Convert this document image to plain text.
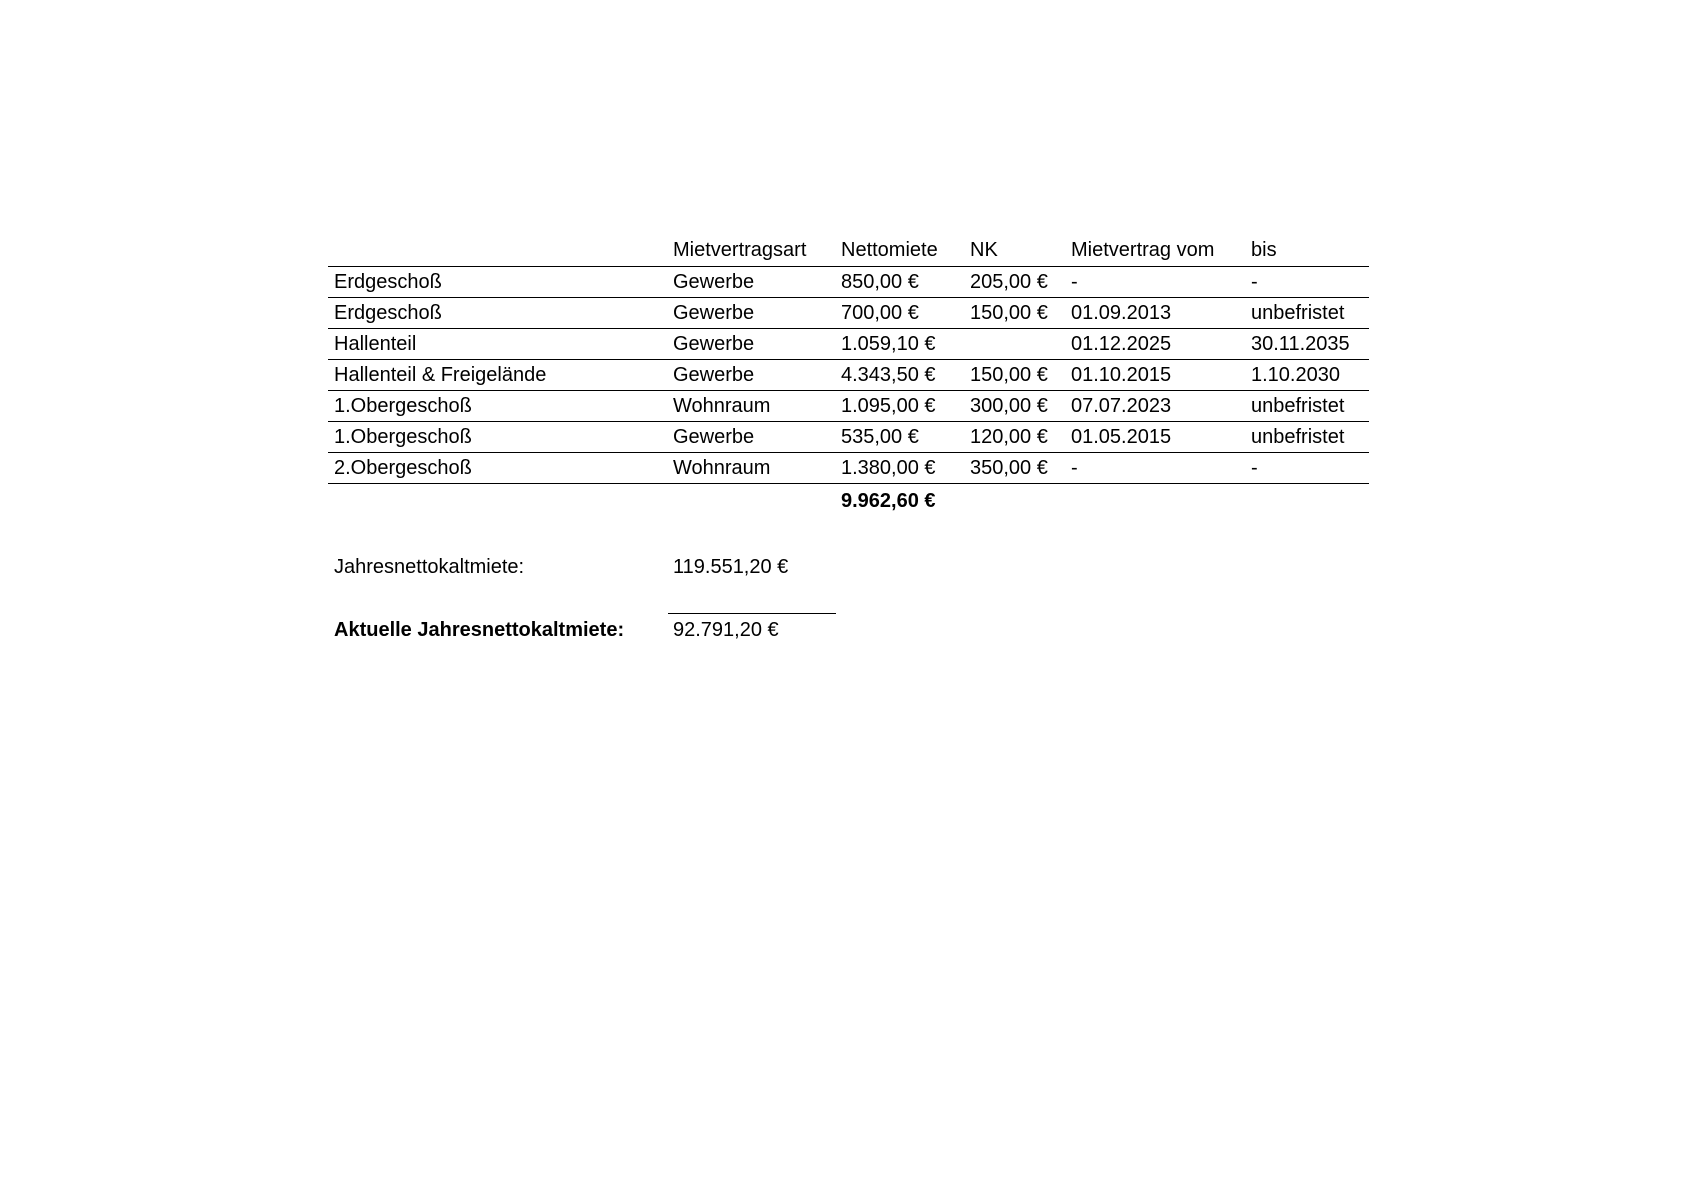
	Mietvertragsart	Nettomiete	NK	Mietvertrag vom	bis
Erdgeschoß	Gewerbe	850,00 €	205,00 €	-	-
Erdgeschoß	Gewerbe	700,00 €	150,00 €	01.09.2013	unbefristet
Hallenteil	Gewerbe	1.059,10 €		01.12.2025	30.11.2035
Hallenteil & Freigelände	Gewerbe	4.343,50 €	150,00 €	01.10.2015	1.10.2030
1.Obergeschoß	Wohnraum	1.095,00 €	300,00 €	07.07.2023	unbefristet
1.Obergeschoß	Gewerbe	535,00 €	120,00 €	01.05.2015	unbefristet
2.Obergeschoß	Wohnraum	1.380,00 €	350,00 €	-	-
		9.962,60 €			
Jahresnettokaltmiete:	119.551,20 €
Aktuelle Jahresnettokaltmiete: 92.791,20 €
